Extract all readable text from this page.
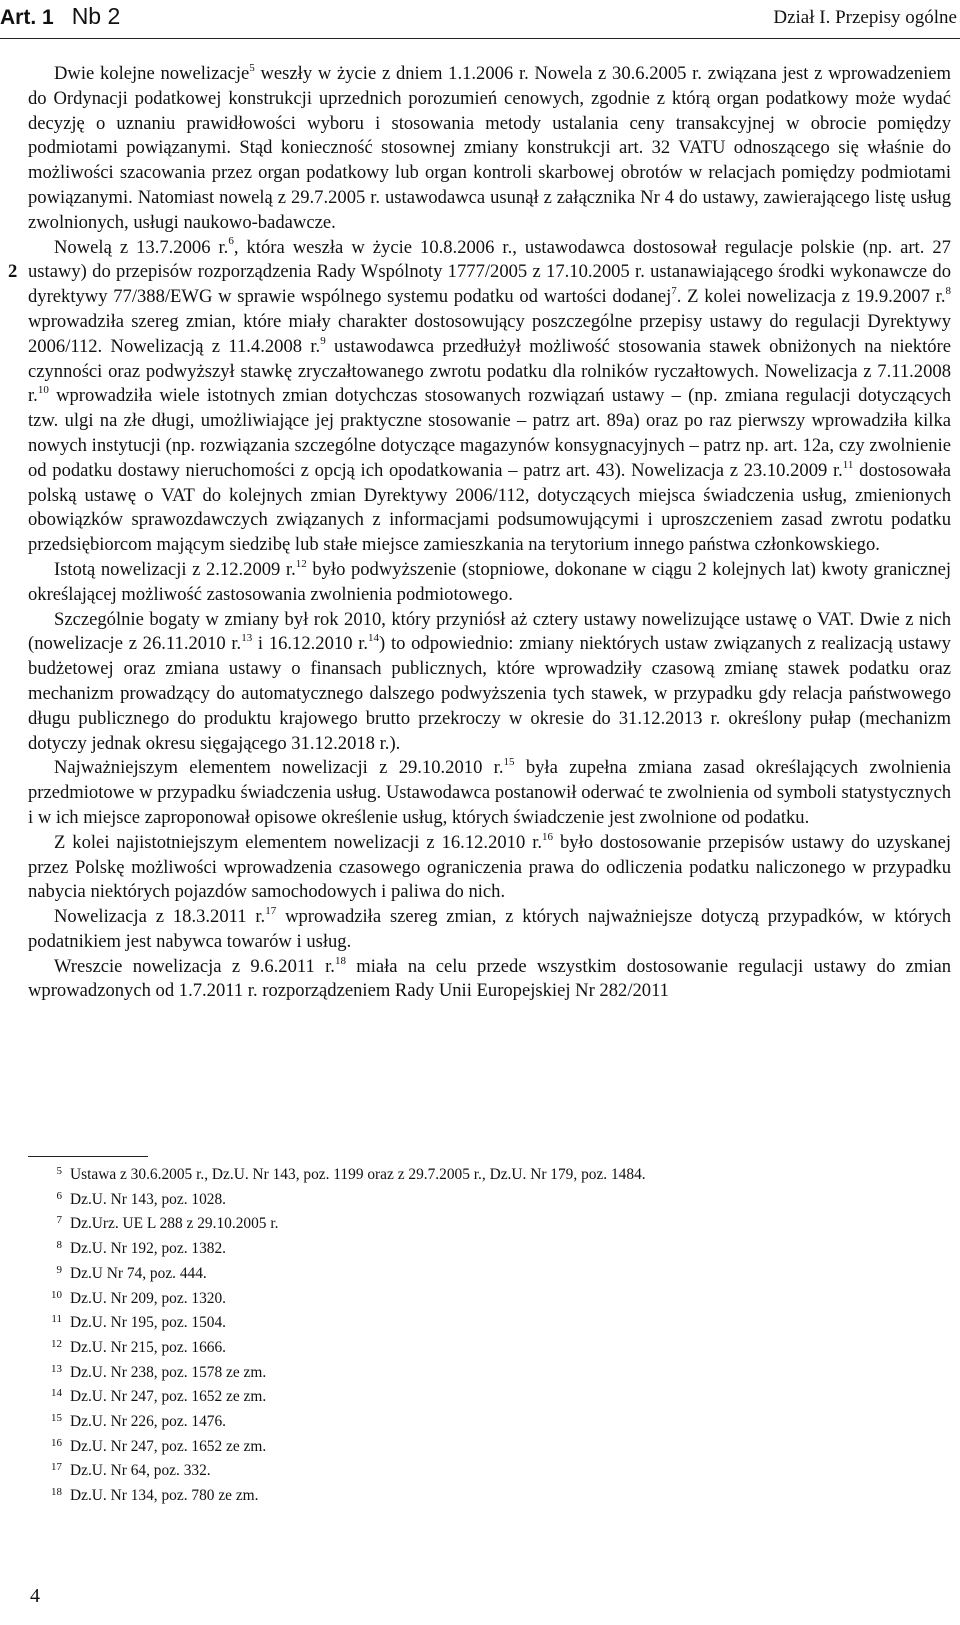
Art. 1 Nb 2	Dział I. Przepisy ogólne
2

Dwie kolejne nowelizacje$^5$ weszły w życie z dniem 1.1.2006 r. Nowela z 30.6.2005 r. związana jest z wprowadzeniem do Ordynacji podatkowej konstrukcji uprzednich porozumień cenowych, zgodnie z którą organ podatkowy może wydać decyzję o uznaniu prawidłowości wyboru i stosowania metody ustalania ceny transakcyjnej w obrocie pomiędzy podmiotami powiązanymi. Stąd konieczność stosownej zmiany konstrukcji art. 32 VATU odnoszącego się właśnie do możliwości szacowania przez organ podatkowy lub organ kontroli skarbowej obrotów w relacjach pomiędzy podmiotami powiązanymi. Natomiast nowelą z 29.7.2005 r. ustawodawca usunął z załącznika Nr 4 do ustawy, zawierającego listę usług zwolnionych, usługi naukowo-badawcze.

Nowelą z 13.7.2006 r.$^6$, która weszła w życie 10.8.2006 r., ustawodawca dostosował regulacje polskie (np. art. 27 ustawy) do przepisów rozporządzenia Rady Wspólnoty 1777/2005 z 17.10.2005 r. ustanawiającego środki wykonawcze do dyrektywy 77/388/EWG w sprawie wspólnego systemu podatku od wartości dodanej$^7$. Z kolei nowelizacja z 19.9.2007 r.$^8$ wprowadziła szereg zmian, które miały charakter dostosowujący poszczególne przepisy ustawy do regulacji Dyrektywy 2006/112. Nowelizacją z 11.4.2008 r.$^9$ ustawodawca przedłużył możliwość stosowania stawek obniżonych na niektóre czynności oraz podwyższył stawkę zryczałtowanego zwrotu podatku dla rolników ryczałtowych. Nowelizacja z 7.11.2008 r.$^{10}$ wprowadziła wiele istotnych zmian dotychczas stosowanych rozwiązań ustawy – (np. zmiana regulacji dotyczących tzw. ulgi na złe długi, umożliwiające jej praktyczne stosowanie – patrz art. 89a) oraz po raz pierwszy wprowadziła kilka nowych instytucji (np. rozwiązania szczególne dotyczące magazynów konsygnacyjnych – patrz np. art. 12a, czy zwolnienie od podatku dostawy nieruchomości z opcją ich opodatkowania – patrz art. 43). Nowelizacja z 23.10.2009 r.$^{11}$ dostosowała polską ustawę o VAT do kolejnych zmian Dyrektywy 2006/112, dotyczących miejsca świadczenia usług, zmienionych obowiązków sprawozdawczych związanych z informacjami podsumowującymi i uproszczeniem zasad zwrotu podatku przedsiębiorcom mającym siedzibę lub stałe miejsce zamieszkania na terytorium innego państwa członkowskiego.

Istotą nowelizacji z 2.12.2009 r.$^{12}$ było podwyższenie (stopniowe, dokonane w ciągu 2 kolejnych lat) kwoty granicznej określającej możliwość zastosowania zwolnienia podmiotowego.

Szczególnie bogaty w zmiany był rok 2010, który przyniósł aż cztery ustawy nowelizujące ustawę o VAT. Dwie z nich (nowelizacje z 26.11.2010 r.$^{13}$ i 16.12.2010 r.$^{14}$) to odpowiednio: zmiany niektórych ustaw związanych z realizacją ustawy budżetowej oraz zmiana ustawy o finansach publicznych, które wprowadziły czasową zmianę stawek podatku oraz mechanizm prowadzący do automatycznego dalszego podwyższenia tych stawek, w przypadku gdy relacja państwowego długu publicznego do produktu krajowego brutto przekroczy w okresie do 31.12.2013 r. określony pułap (mechanizm dotyczy jednak okresu sięgającego 31.12.2018 r.).

Najważniejszym elementem nowelizacji z 29.10.2010 r.$^{15}$ była zupełna zmiana zasad określających zwolnienia przedmiotowe w przypadku świadczenia usług. Ustawodawca postanowił oderwać te zwolnienia od symboli statystycznych i w ich miejsce zaproponował opisowe określenie usług, których świadczenie jest zwolnione od podatku.

Z kolei najistotniejszym elementem nowelizacji z 16.12.2010 r.$^{16}$ było dostosowanie przepisów ustawy do uzyskanej przez Polskę możliwości wprowadzenia czasowego ograniczenia prawa do odliczenia podatku naliczonego w przypadku nabycia niektórych pojazdów samochodowych i paliwa do nich.

Nowelizacja z 18.3.2011 r.$^{17}$ wprowadziła szereg zmian, z których najważniejsze dotyczą przypadków, w których podatnikiem jest nabywca towarów i usług.

Wreszcie nowelizacja z 9.6.2011 r.$^{18}$ miała na celu przede wszystkim dostosowanie regulacji ustawy do zmian wprowadzonych od 1.7.2011 r. rozporządzeniem Rady Unii Europejskiej Nr 282/2011

5 Ustawa z 30.6.2005 r., Dz.U. Nr 143, poz. 1199 oraz z 29.7.2005 r., Dz.U. Nr 179, poz. 1484.
6 Dz.U. Nr 143, poz. 1028.
7 Dz.Urz. UE L 288 z 29.10.2005 r.
8 Dz.U. Nr 192, poz. 1382.
9 Dz.U Nr 74, poz. 444.
10 Dz.U. Nr 209, poz. 1320.
11 Dz.U. Nr 195, poz. 1504.
12 Dz.U. Nr 215, poz. 1666.
13 Dz.U. Nr 238, poz. 1578 ze zm.
14 Dz.U. Nr 247, poz. 1652 ze zm.
15 Dz.U. Nr 226, poz. 1476.
16 Dz.U. Nr 247, poz. 1652 ze zm.
17 Dz.U. Nr 64, poz. 332.
18 Dz.U. Nr 134, poz. 780 ze zm.
4
